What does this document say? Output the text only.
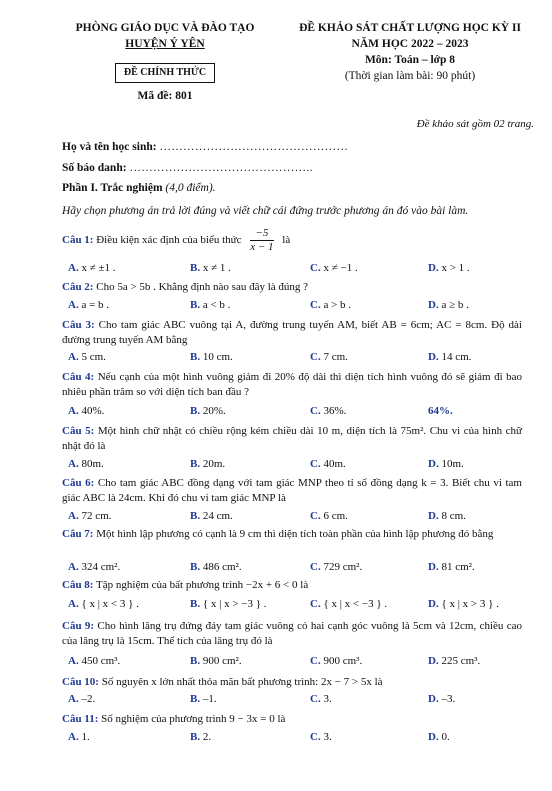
PHÒNG GIÁO DỤC VÀ ĐÀO TẠO
HUYỆN Ý YÊN
ĐỀ CHÍNH THỨC
Mã đề: 801
ĐỀ KHẢO SÁT CHẤT LƯỢNG HỌC KỲ II
NĂM HỌC 2022 – 2023
Môn: Toán – lớp 8
(Thời gian làm bài: 90 phút)
Đề khảo sát gồm 02 trang.
Họ và tên học sinh: …………………………………………
Số báo danh: ………………………………………..
Phần I. Trắc nghiệm (4,0 điểm).
Hãy chọn phương án trả lời đúng và viết chữ cái đứng trước phương án đó vào bài làm.
Câu 1: Điều kiện xác định của biểu thức $\frac{-5}{x - 1}$ là
A. x ≠ ±1 .	B. x ≠ 1 .	C. x ≠ −1 .	D. x > 1 .
Câu 2: Cho 5a > 5b . Khẳng định nào sau đây là đúng ?
A. a = b .	B. a < b .	C. a > b .	D. a ≥ b .
Câu 3: Cho tam giác ABC vuông tại A, đường trung tuyến AM, biết AB = 6cm; AC = 8cm. Độ dài đường trung tuyến AM bằng
A. 5 cm.	B. 10 cm.	C. 7 cm.	D. 14 cm.
Câu 4: Nếu cạnh của một hình vuông giảm đi 20% độ dài thì diện tích hình vuông đó sẽ giảm đi bao nhiêu phần trăm so với diện tích ban đầu ?
A. 40%.	B. 20%.	C. 36%.	64%.
Câu 5: Một hình chữ nhật có chiều rộng kém chiều dài 10 m, diện tích là 75m². Chu vi của hình chữ nhật đó là
A. 80m.	B. 20m.	C. 40m.	D. 10m.
Câu 6: Cho tam giác ABC đồng dạng với tam giác MNP theo tỉ số đồng dạng k = 3. Biết chu vi tam giác ABC là 24cm. Khi đó chu vi tam giác MNP là
A. 72 cm.	B. 24 cm.	C. 6 cm.	D. 8 cm.
Câu 7: Một hình lập phương có cạnh là 9 cm thì diện tích toàn phần của hình lập phương đó bằng
A. 324 cm².	B. 486 cm².	C. 729 cm².	D. 81 cm².
Câu 8: Tập nghiệm của bất phương trình −2x + 6 < 0 là
A. { x | x < 3 } .	B. { x | x > −3 } .	C. { x | x < −3 } .	D. { x | x > 3 } .
Câu 9: Cho hình lăng trụ đứng đáy tam giác vuông có hai cạnh góc vuông là 5cm và 12cm, chiều cao của lăng trụ là 15cm. Thể tích của lăng trụ đó là
A. 450 cm³.	B. 900 cm².	C. 900 cm³.	D. 225 cm³.
Câu 10: Số nguyên x lớn nhất thỏa mãn bất phương trình: 2x − 7 > 5x là
A. –2.	B. –1.	C. 3.	D. –3.
Câu 11: Số nghiệm của phương trình 9 − 3x = 0 là
A. 1.	B. 2.	C. 3.	D. 0.
